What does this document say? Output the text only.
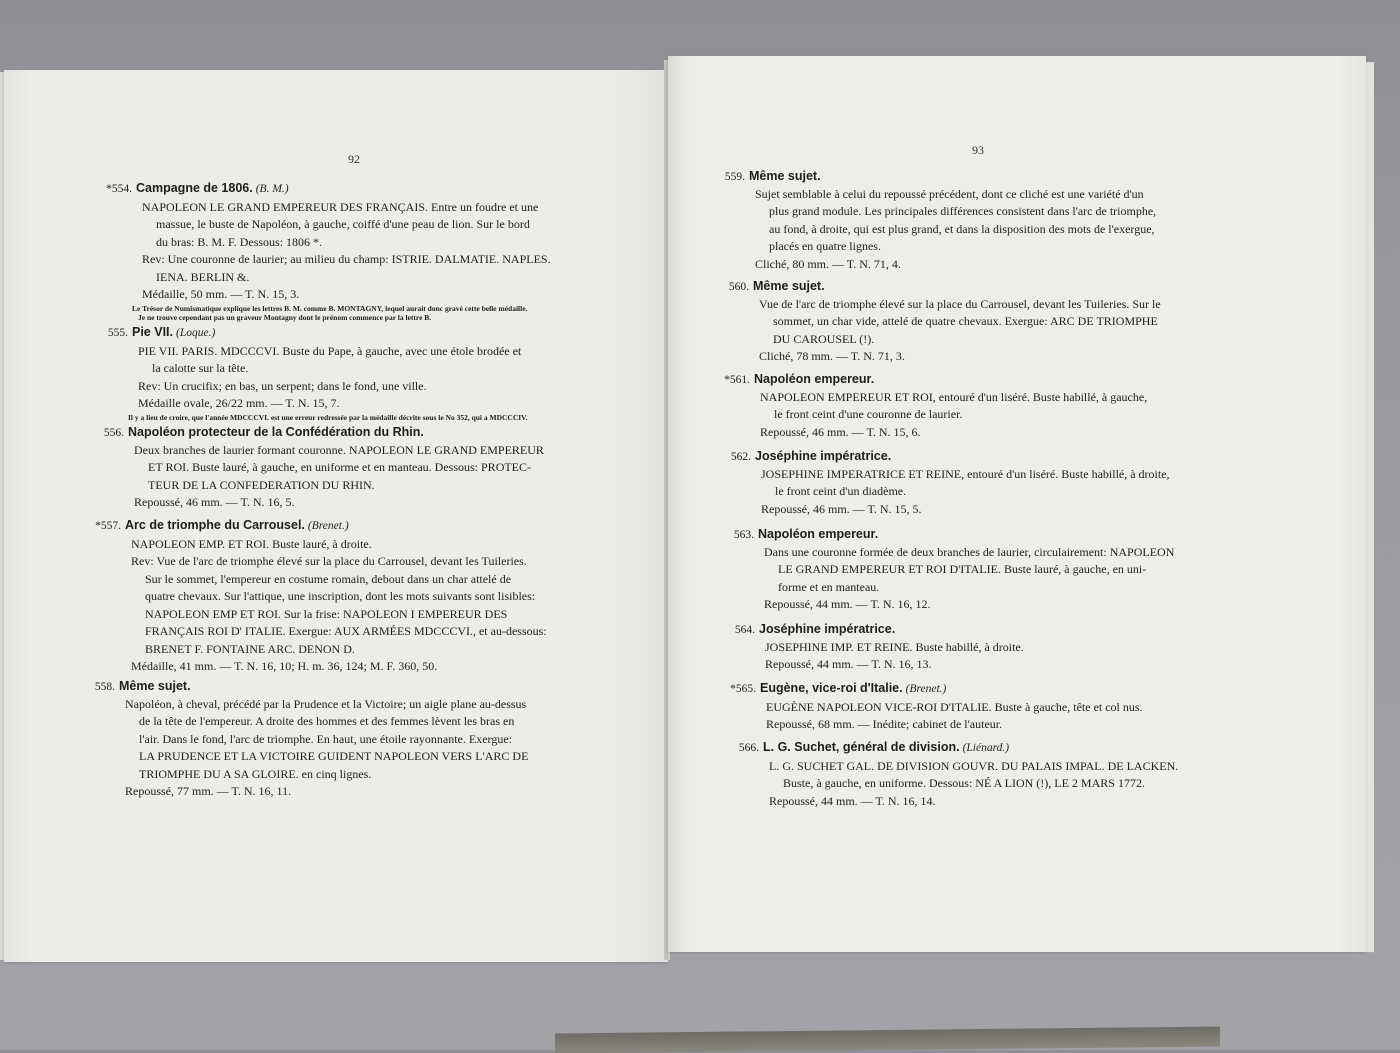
92
*554. Campagne de 1806. (B. M.)
NAPOLEON LE GRAND EMPEREUR DES FRANÇAIS. Entre un foudre et une
massue, le buste de Napoléon, à gauche, coiffé d'une peau de lion. Sur le bord
du bras: B. M. F. Dessous: 1806 *.
Rev: Une couronne de laurier; au milieu du champ: ISTRIE. DALMATIE. NAPLES.
IENA. BERLIN &.
Médaille, 50 mm. — T. N. 15, 3.
Le Trésor de Numismatique explique les lettres B. M. comme B. MONTAGNY, lequel aurait donc gravé cette belle médaille.
Je ne trouve cependant pas un graveur Montagny dont le prénom commence par la lettre B.
555. Pie VII. (Loque.)
PIE VII. PARIS. MDCCCVI. Buste du Pape, à gauche, avec une étole brodée et
la calotte sur la tête.
Rev: Un crucifix; en bas, un serpent; dans le fond, une ville.
Médaille ovale, 26/22 mm. — T. N. 15, 7.
Il y a lieu de croire, que l'année MDCCCVI. est une erreur redressée par la médaille décrite sous le No 352, qui a MDCCCIV.
556. Napoléon protecteur de la Confédération du Rhin.
Deux branches de laurier formant couronne. NAPOLEON LE GRAND EMPEREUR
ET ROI. Buste lauré, à gauche, en uniforme et en manteau. Dessous: PROTEC-
TEUR DE LA CONFEDERATION DU RHIN.
Repoussé, 46 mm. — T. N. 16, 5.
*557. Arc de triomphe du Carrousel. (Brenet.)
NAPOLEON EMP. ET ROI. Buste lauré, à droite.
Rev: Vue de l'arc de triomphe élevé sur la place du Carrousel, devant les Tuileries.
Sur le sommet, l'empereur en costume romain, debout dans un char attelé de
quatre chevaux. Sur l'attique, une inscription, dont les mots suivants sont lisibles:
NAPOLEON EMP ET ROI. Sur la frise: NAPOLEON I EMPEREUR DES
FRANÇAIS ROI D' ITALIE. Exergue: AUX ARMÉES MDCCCVI., et au-dessous:
BRENET F. FONTAINE ARC. DENON D.
Médaille, 41 mm. — T. N. 16, 10; H. m. 36, 124; M. F. 360, 50.
558. Même sujet.
Napoléon, à cheval, précédé par la Prudence et la Victoire; un aigle plane au-dessus
de la tête de l'empereur. A droite des hommes et des femmes lèvent les bras en
l'air. Dans le fond, l'arc de triomphe. En haut, une étoile rayonnante. Exergue:
LA PRUDENCE ET LA VICTOIRE GUIDENT NAPOLEON VERS L'ARC DE
TRIOMPHE DU A SA GLOIRE. en cinq lignes.
Repoussé, 77 mm. — T. N. 16, 11.
93
559. Même sujet.
Sujet semblable à celui du repoussé précédent, dont ce cliché est une variété d'un
plus grand module. Les principales différences consistent dans l'arc de triomphe,
au fond, à droite, qui est plus grand, et dans la disposition des mots de l'exergue,
placés en quatre lignes.
Cliché, 80 mm. — T. N. 71, 4.
560. Même sujet.
Vue de l'arc de triomphe élevé sur la place du Carrousel, devant les Tuileries. Sur le
sommet, un char vide, attelé de quatre chevaux. Exergue: ARC DE TRIOMPHE
DU CAROUSEL (!).
Cliché, 78 mm. — T. N. 71, 3.
*561. Napoléon empereur.
NAPOLEON EMPEREUR ET ROI, entouré d'un liséré. Buste habillé, à gauche,
le front ceint d'une couronne de laurier.
Repoussé, 46 mm. — T. N. 15, 6.
562. Joséphine impératrice.
JOSEPHINE IMPERATRICE ET REINE, entouré d'un liséré. Buste habillé, à droite,
le front ceint d'un diadème.
Repoussé, 46 mm. — T. N. 15, 5.
563. Napoléon empereur.
Dans une couronne formée de deux branches de laurier, circulairement: NAPOLEON
LE GRAND EMPEREUR ET ROI D'ITALIE. Buste lauré, à gauche, en uni-
forme et en manteau.
Repoussé, 44 mm. — T. N. 16, 12.
564. Joséphine impératrice.
JOSEPHINE IMP. ET REINE. Buste habillé, à droite.
Repoussé, 44 mm. — T. N. 16, 13.
*565. Eugène, vice-roi d'Italie. (Brenet.)
EUGÈNE NAPOLEON VICE-ROI D'ITALIE. Buste à gauche, tête et col nus.
Repoussé, 68 mm. — Inédite; cabinet de l'auteur.
566. L. G. Suchet, général de division. (Liénard.)
L. G. SUCHET GAL. DE DIVISION GOUVR. DU PALAIS IMPAL. DE LACKEN.
Buste, à gauche, en uniforme. Dessous: NÉ A LION (!), LE 2 MARS 1772.
Repoussé, 44 mm. — T. N. 16, 14.
